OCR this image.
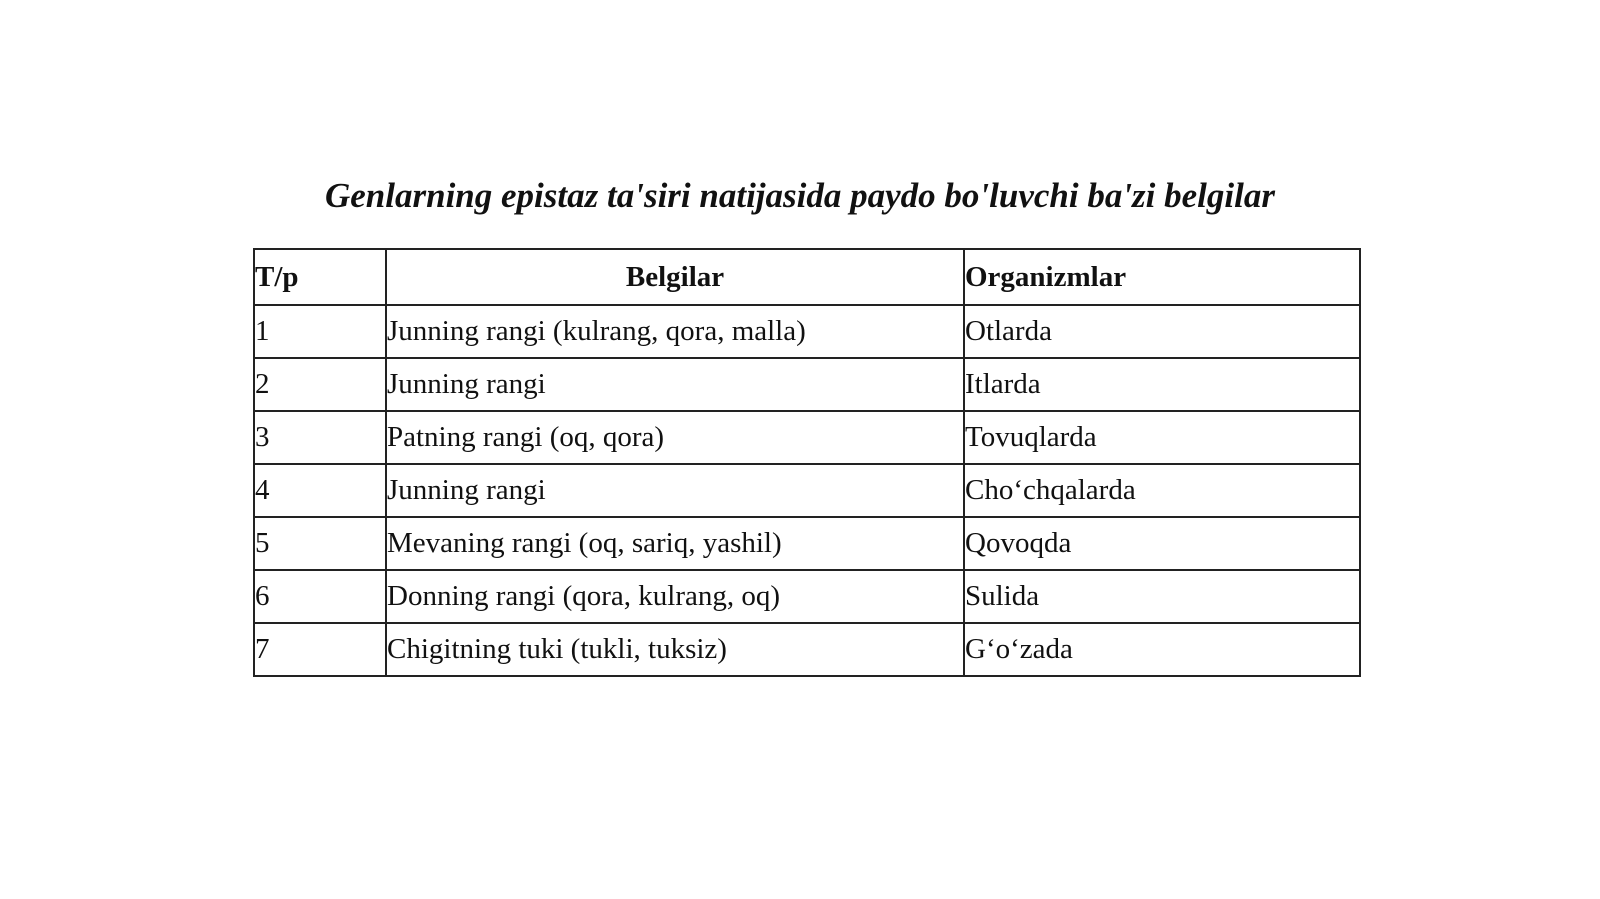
Genlarning epistaz ta'siri natijasida paydo bo'luvchi ba'zi belgilar
T/p	Belgilar	Organizmlar
1	Junning rangi (kulrang, qora, malla)	Otlarda
2	Junning rangi	Itlarda
3	Patning rangi (oq, qora)	Tovuqlarda
4	Junning rangi	Cho‘chqalarda
5	Mevaning rangi (oq, sariq, yashil)	Qovoqda
6	Donning rangi (qora, kulrang, oq)	Sulida
7	Chigitning tuki (tukli, tuksiz)	G‘o‘zada
